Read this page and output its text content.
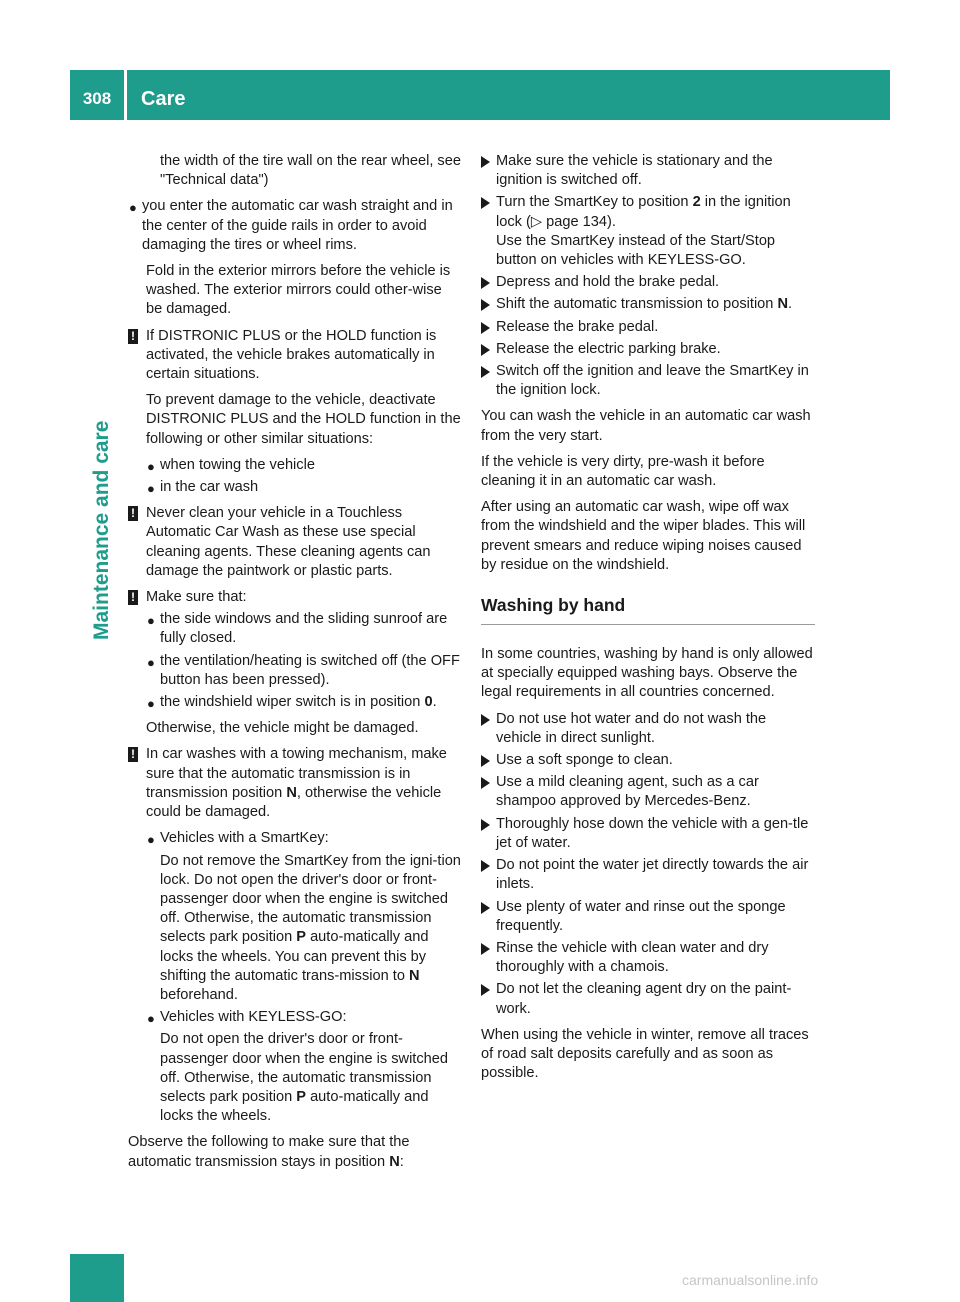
308	Care
Maintenance and care

the width of the tire wall on the rear wheel, see "Technical data")

● you enter the automatic car wash straight and in the center of the guide rails in order to avoid damaging the tires or wheel rims.

Fold in the exterior mirrors before the vehicle is washed. The exterior mirrors could other-wise be damaged.

! If DISTRONIC PLUS or the HOLD function is activated, the vehicle brakes automatically in certain situations.

To prevent damage to the vehicle, deactivate DISTRONIC PLUS and the HOLD function in the following or other similar situations:

● when towing the vehicle
● in the car wash
! Never clean your vehicle in a Touchless Automatic Car Wash as these use special cleaning agents. These cleaning agents can damage the paintwork or plastic parts.

! Make sure that:

● the side windows and the sliding sunroof are fully closed.
● the ventilation/heating is switched off (the OFF button has been pressed).
● the windshield wiper switch is in position 0.

Otherwise, the vehicle might be damaged.

! In car washes with a towing mechanism, make sure that the automatic transmission is in transmission position N, otherwise the vehicle could be damaged.

● Vehicles with a SmartKey:
Do not remove the SmartKey from the igni-tion lock. Do not open the driver's door or front-passenger door when the engine is switched off. Otherwise, the automatic transmission selects park position P auto-matically and locks the wheels. You can prevent this by shifting the automatic trans-mission to N beforehand.
● Vehicles with KEYLESS-GO:
Do not open the driver's door or front-passenger door when the engine is switched off. Otherwise, the automatic transmission selects park position P auto-matically and locks the wheels.

Observe the following to make sure that the automatic transmission stays in position N:

Make sure the vehicle is stationary and the ignition is switched off.
Turn the SmartKey to position 2 in the ignition lock (▷ page 134).
Use the SmartKey instead of the Start/Stop button on vehicles with KEYLESS-GO.
Depress and hold the brake pedal.
Shift the automatic transmission to position N.
Release the brake pedal.
Release the electric parking brake.
Switch off the ignition and leave the SmartKey in the ignition lock.

You can wash the vehicle in an automatic car wash from the very start.

If the vehicle is very dirty, pre-wash it before cleaning it in an automatic car wash.

After using an automatic car wash, wipe off wax from the windshield and the wiper blades. This will prevent smears and reduce wiping noises caused by residue on the windshield.

Washing by hand

In some countries, washing by hand is only allowed at specially equipped washing bays. Observe the legal requirements in all countries concerned.

Do not use hot water and do not wash the vehicle in direct sunlight.
Use a soft sponge to clean.
Use a mild cleaning agent, such as a car shampoo approved by Mercedes-Benz.
Thoroughly hose down the vehicle with a gen-tle jet of water.
Do not point the water jet directly towards the air inlets.
Use plenty of water and rinse out the sponge frequently.
Rinse the vehicle with clean water and dry thoroughly with a chamois.
Do not let the cleaning agent dry on the paint-work.

When using the vehicle in winter, remove all traces of road salt deposits carefully and as soon as possible.

carmanualsonline.info
